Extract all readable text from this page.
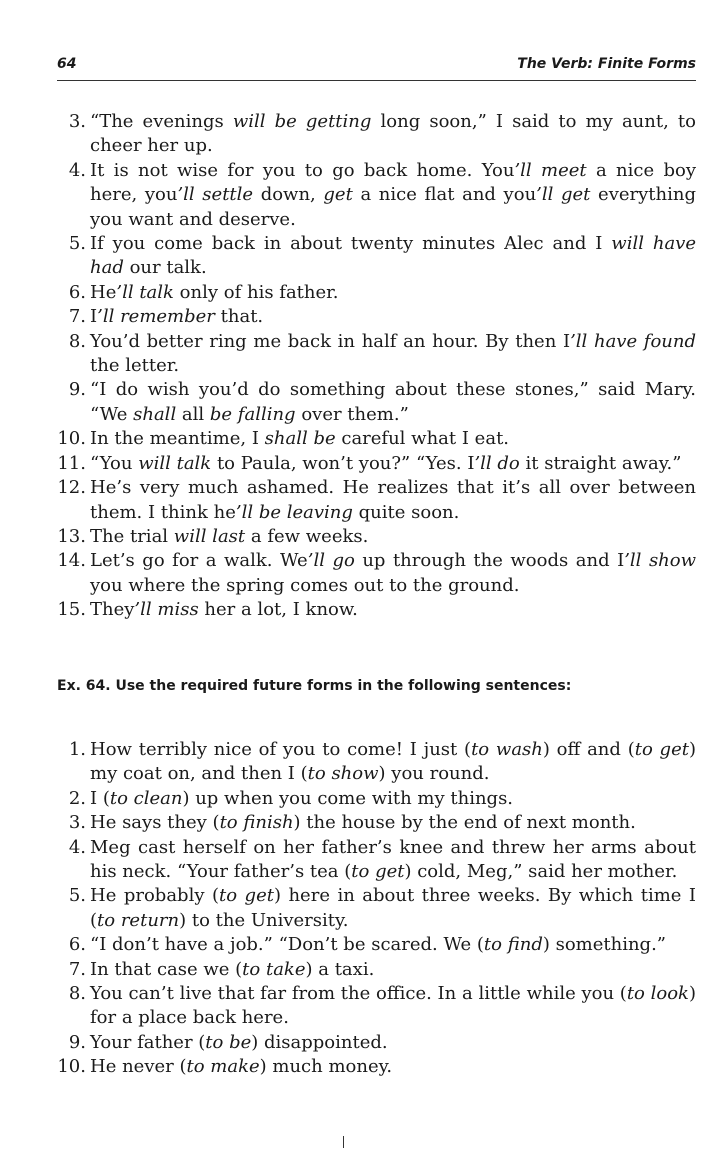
64	The Verb: Finite Forms
3. “The evenings will be getting long soon,” I said to my aunt, to cheer her up.
4. It is not wise for you to go back home. You’ll meet a nice boy here, you’ll settle down, get a nice flat and you’ll get everything you want and deserve.
5. If you come back in about twenty minutes Alec and I will have had our talk.
6. He’ll talk only of his father.
7. I’ll remember that.
8. You’d better ring me back in half an hour. By then I’ll have found the letter.
9. “I do wish you’d do something about these stones,” said Mary. “We shall all be falling over them.”
10. In the meantime, I shall be careful what I eat.
11. “You will talk to Paula, won’t you?” “Yes. I’ll do it straight away.”
12. He’s very much ashamed. He realizes that it’s all over between them. I think he’ll be leaving quite soon.
13. The trial will last a few weeks.
14. Let’s go for a walk. We’ll go up through the woods and I’ll show you where the spring comes out to the ground.
15. They’ll miss her a lot, I know.
Ex. 64. Use the required future forms in the following sentences:
1. How terribly nice of you to come! I just (to wash) off and (to get) my coat on, and then I (to show) you round.
2. I (to clean) up when you come with my things.
3. He says they (to finish) the house by the end of next month.
4. Meg cast herself on her father’s knee and threw her arms about his neck. “Your father’s tea (to get) cold, Meg,” said her mother.
5. He probably (to get) here in about three weeks. By which time I (to return) to the University.
6. “I don’t have a job.” “Don’t be scared. We (to find) something.”
7. In that case we (to take) a taxi.
8. You can’t live that far from the office. In a little while you (to look) for a place back here.
9. Your father (to be) disappointed.
10. He never (to make) much money.
